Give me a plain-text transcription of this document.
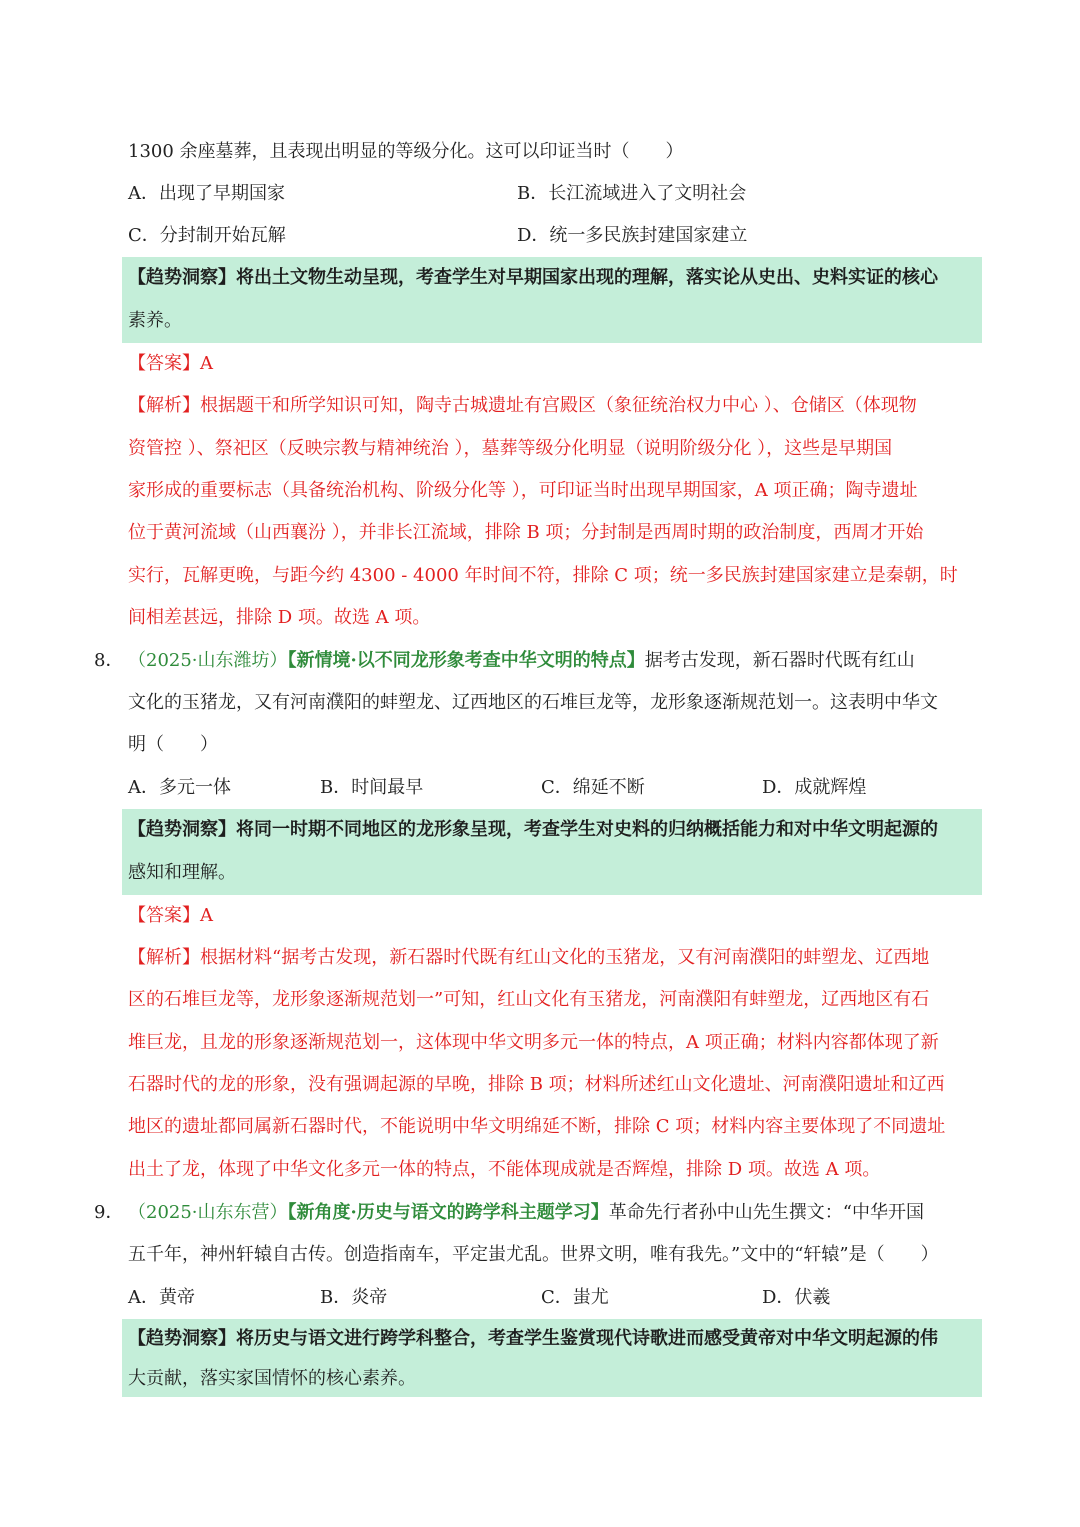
1300 余座墓葬，且表现出明显的等级分化。这可以印证当时（　　）
A．出现了早期国家	B．长江流域进入了文明社会
C．分封制开始瓦解	D．统一多民族封建国家建立
【趋势洞察】将出土文物生动呈现，考查学生对早期国家出现的理解，落实论从史出、史料实证的核心
素养。
【答案】A
【解析】根据题干和所学知识可知，陶寺古城遗址有宫殿区（象征统治权力中心 ）、仓储区（体现物
资管控 ）、祭祀区（反映宗教与精神统治 ），墓葬等级分化明显（说明阶级分化 ），这些是早期国
家形成的重要标志（具备统治机构、阶级分化等 ），可印证当时出现早期国家，A 项正确；陶寺遗址
位于黄河流域（山西襄汾 ），并非长江流域，排除 B 项；分封制是西周时期的政治制度，西周才开始
实行，瓦解更晚，与距今约 4300 - 4000 年时间不符，排除 C 项；统一多民族封建国家建立是秦朝，时
间相差甚远，排除 D 项。故选 A 项。
8． （2025·山东潍坊）【新情境·以不同龙形象考查中华文明的特点】据考古发现，新石器时代既有红山
文化的玉猪龙，又有河南濮阳的蚌塑龙、辽西地区的石堆巨龙等，龙形象逐渐规范划一。这表明中华文
明（　　）
A．多元一体	B．时间最早	C．绵延不断	D．成就辉煌
【趋势洞察】将同一时期不同地区的龙形象呈现，考查学生对史料的归纳概括能力和对中华文明起源的
感知和理解。
【答案】A
【解析】根据材料“据考古发现，新石器时代既有红山文化的玉猪龙，又有河南濮阳的蚌塑龙、辽西地
区的石堆巨龙等，龙形象逐渐规范划一”可知，红山文化有玉猪龙，河南濮阳有蚌塑龙，辽西地区有石
堆巨龙，且龙的形象逐渐规范划一，这体现中华文明多元一体的特点，A 项正确；材料内容都体现了新
石器时代的龙的形象，没有强调起源的早晚，排除 B 项；材料所述红山文化遗址、河南濮阳遗址和辽西
地区的遗址都同属新石器时代，不能说明中华文明绵延不断，排除 C 项；材料内容主要体现了不同遗址
出土了龙，体现了中华文化多元一体的特点，不能体现成就是否辉煌，排除 D 项。故选 A 项。
9． （2025·山东东营）【新角度·历史与语文的跨学科主题学习】革命先行者孙中山先生撰文：“中华开国
五千年，神州轩辕自古传。创造指南车，平定蚩尤乱。世界文明，唯有我先。”文中的“轩辕”是（　　）
A．黄帝	B．炎帝	C．蚩尤	D．伏羲
【趋势洞察】将历史与语文进行跨学科整合，考查学生鉴赏现代诗歌进而感受黄帝对中华文明起源的伟
大贡献，落实家国情怀的核心素养。
